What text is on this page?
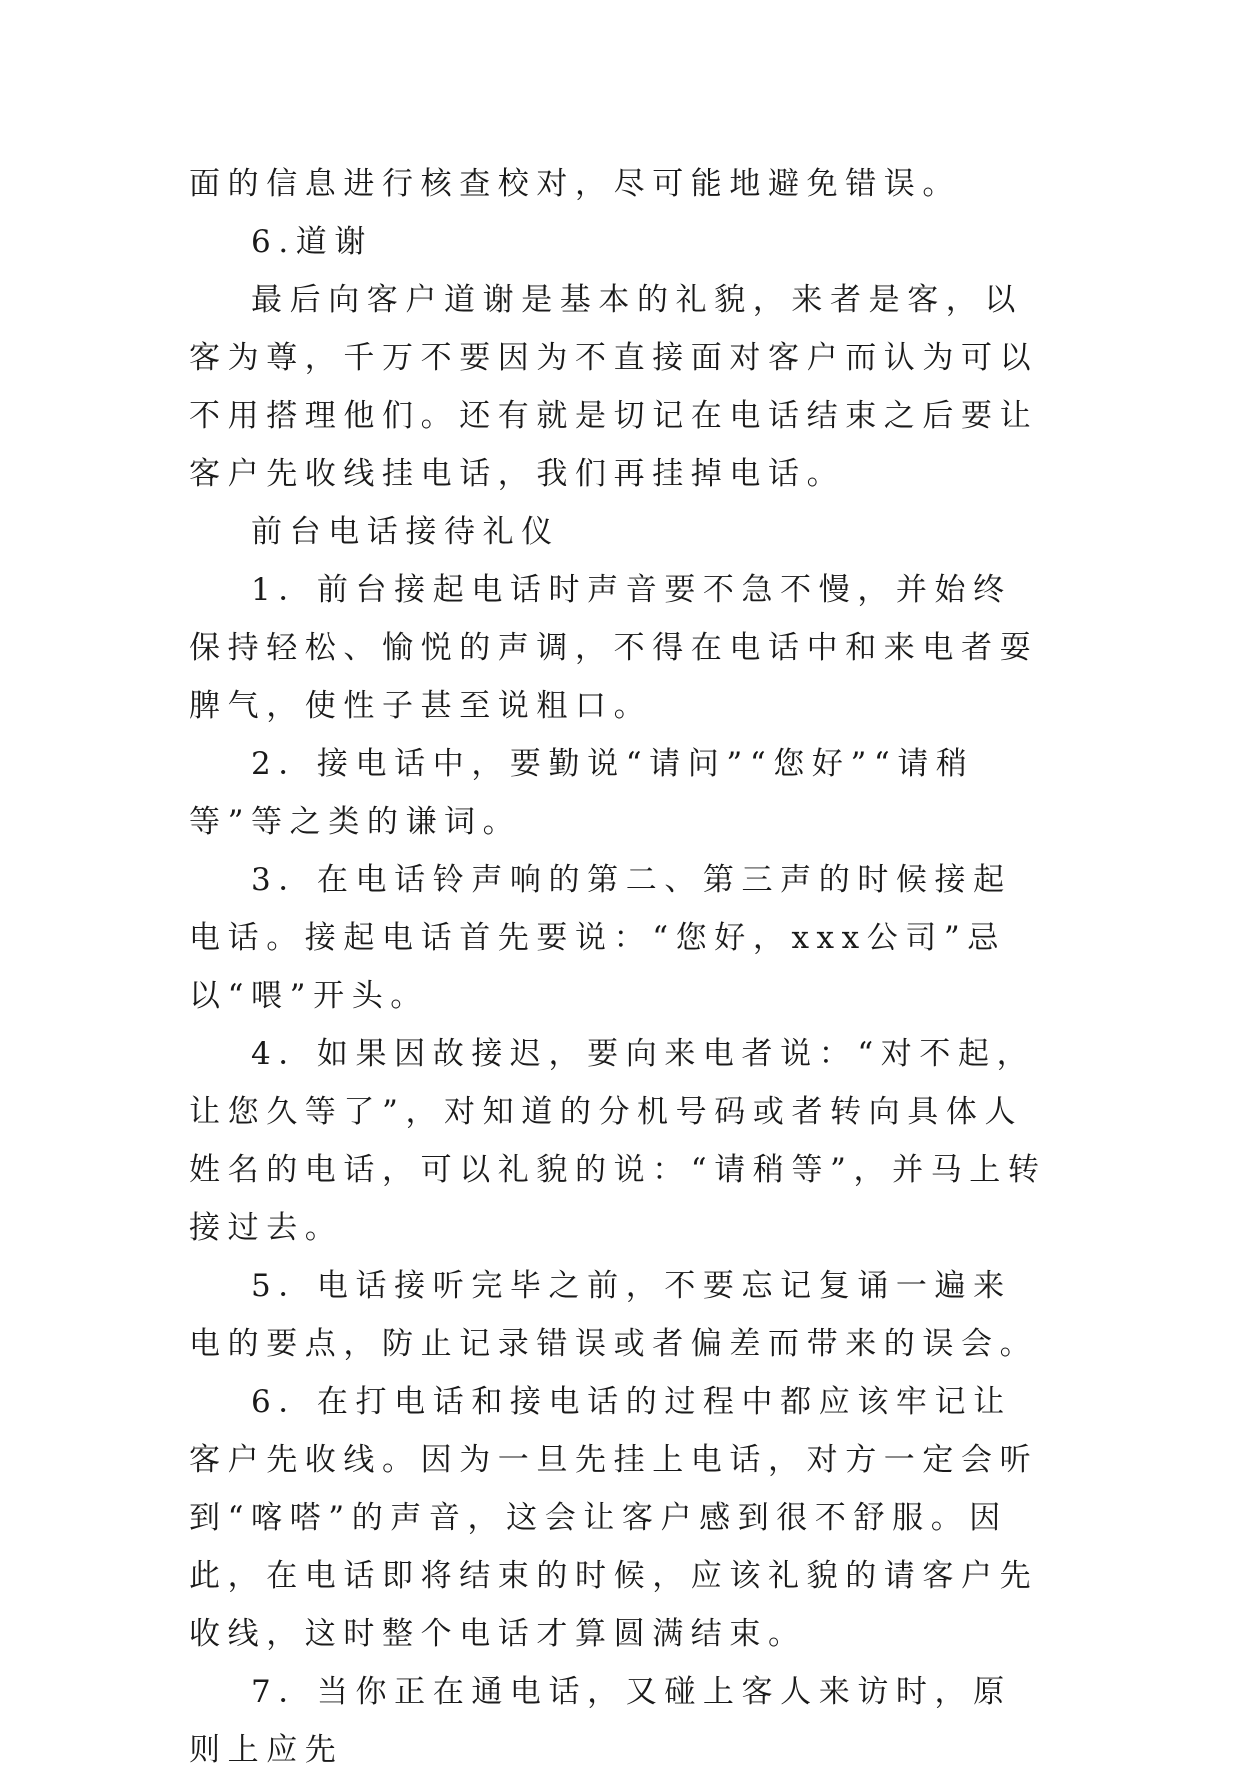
面的信息进行核查校对，尽可能地避免错误。

6.道谢

最后向客户道谢是基本的礼貌，来者是客，以客为尊，千万不要因为不直接面对客户而认为可以不用搭理他们。还有就是切记在电话结束之后要让客户先收线挂电话，我们再挂掉电话。

前台电话接待礼仪

1．前台接起电话时声音要不急不慢，并始终保持轻松、愉悦的声调，不得在电话中和来电者耍脾气，使性子甚至说粗口。

2．接电话中，要勤说“请问”“您好”“请稍等”等之类的谦词。

3．在电话铃声响的第二、第三声的时候接起电话。接起电话首先要说：“您好，xxx公司”忌以“喂”开头。

4．如果因故接迟，要向来电者说：“对不起，让您久等了”，对知道的分机号码或者转向具体人姓名的电话，可以礼貌的说：“请稍等”，并马上转接过去。

5．电话接听完毕之前，不要忘记复诵一遍来电的要点，防止记录错误或者偏差而带来的误会。

6．在打电话和接电话的过程中都应该牢记让客户先收线。因为一旦先挂上电话，对方一定会听到“喀嗒”的声音，这会让客户感到很不舒服。因此，在电话即将结束的时候，应该礼貌的请客户先收线，这时整个电话才算圆满结束。

7．当你正在通电话，又碰上客人来访时，原则上应先
